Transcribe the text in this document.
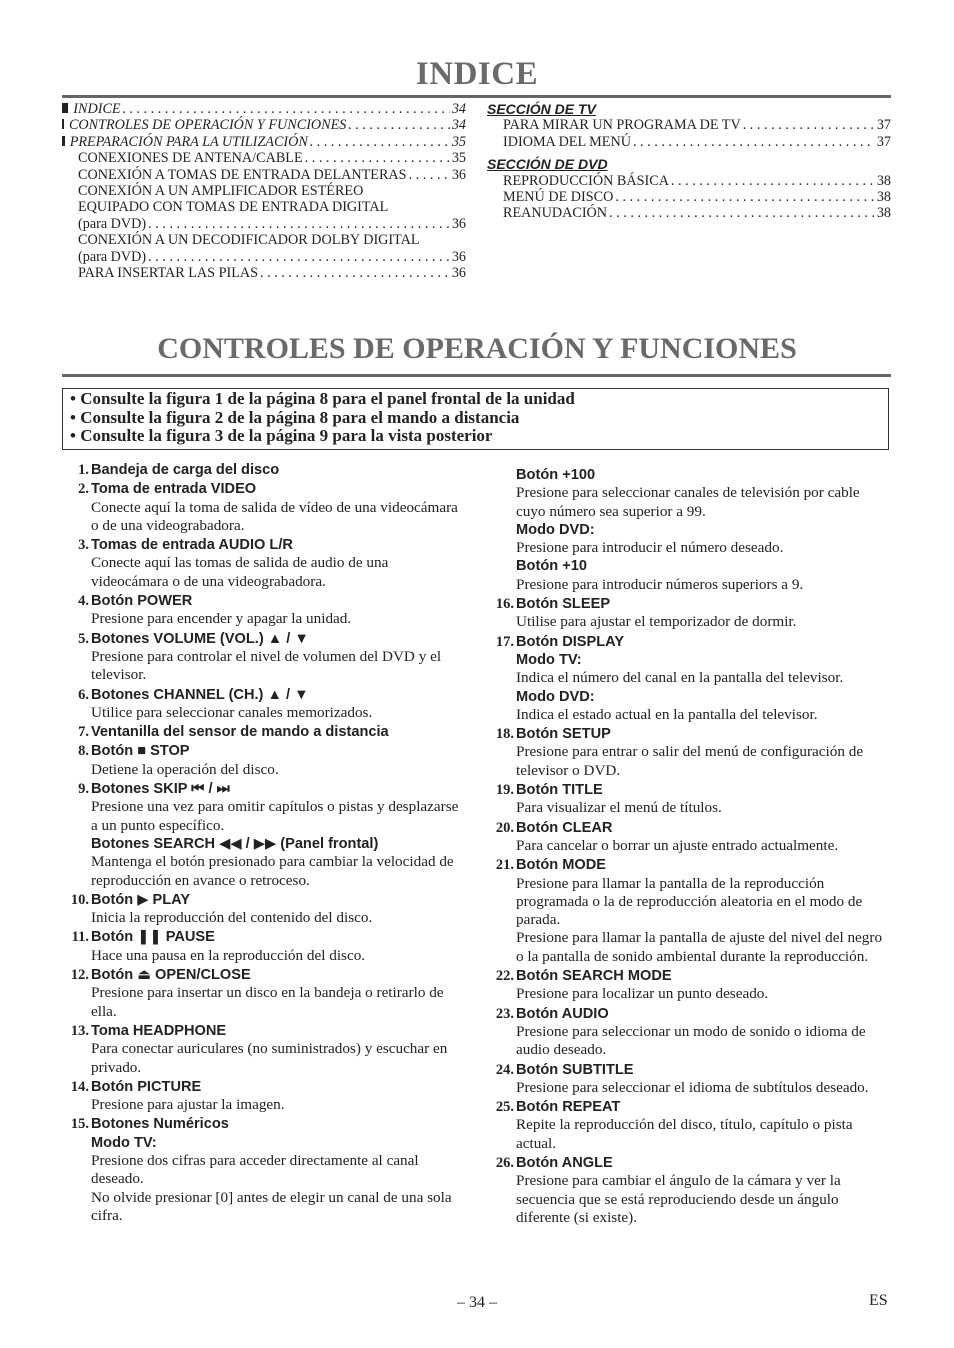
INDICE
INDICE . . .	34
CONTROLES DE OPERACIÓN Y FUNCIONES . . .	34
PREPARACIÓN PARA LA UTILIZACIÓN . . .	35
CONEXIONES DE ANTENA/CABLE . . .	35
CONEXIÓN A TOMAS DE ENTRADA DELANTERAS . . .	36
CONEXIÓN A UN AMPLIFICADOR ESTÉREO
EQUIPADO CON TOMAS DE ENTRADA DIGITAL
(para DVD) . . .	36
CONEXIÓN A UN DECODIFICADOR DOLBY DIGITAL
(para DVD) . . .	36
PARA INSERTAR LAS PILAS . . .	36
SECCIÓN DE TV
PARA MIRAR UN PROGRAMA DE TV . . .	37
IDIOMA DEL MENÚ . . .	37
SECCIÓN DE DVD
REPRODUCCIÓN BÁSICA . . .	38
MENÚ DE DISCO . . .	38
REANUDACIÓN . . .	38
CONTROLES DE OPERACIÓN Y FUNCIONES
• Consulte la figura 1 de la página 8 para el panel frontal de la unidad
• Consulte la figura 2 de la página 8 para el mando a distancia
• Consulte la figura 3 de la página 9 para la vista posterior
1. Bandeja de carga del disco
2. Toma de entrada VIDEO
Conecte aquí la toma de salida de vídeo de una videocámara o de una videograbadora.
3. Tomas de entrada AUDIO L/R
Conecte aquí las tomas de salida de audio de una videocámara o de una videograbadora.
4. Botón POWER
Presione para encender y apagar la unidad.
5. Botones VOLUME (VOL.) ▲ / ▼
Presione para controlar el nivel de volumen del DVD y el televisor.
6. Botones CHANNEL (CH.) ▲ / ▼
Utilice para seleccionar canales memorizados.
7. Ventanilla del sensor de mando a distancia
8. Botón ■ STOP
Detiene la operación del disco.
9. Botones SKIP ⏮ / ⏭
Presione una vez para omitir capítulos o pistas y desplazarse a un punto específico.
Botones SEARCH ◀◀ / ▶▶ (Panel frontal)
Mantenga el botón presionado para cambiar la velocidad de reproducción en avance o retroceso.
10. Botón ▶ PLAY
Inicia la reproducción del contenido del disco.
11. Botón ❚❚ PAUSE
Hace una pausa en la reproducción del disco.
12. Botón ⏏ OPEN/CLOSE
Presione para insertar un disco en la bandeja o retirarlo de ella.
13. Toma HEADPHONE
Para conectar auriculares (no suministrados) y escuchar en privado.
14. Botón PICTURE
Presione para ajustar la imagen.
15. Botones Numéricos
Modo TV:
Presione dos cifras para acceder directamente al canal deseado.
No olvide presionar [0] antes de elegir un canal de una sola cifra.
Botón +100
Presione para seleccionar canales de televisión por cable cuyo número sea superior a 99.
Modo DVD:
Presione para introducir el número deseado.
Botón +10
Presione para introducir números superiors a 9.
16. Botón SLEEP
Utilise para ajustar el temporizador de dormir.
17. Botón DISPLAY
Modo TV:
Indica el número del canal en la pantalla del televisor.
Modo DVD:
Indica el estado actual en la pantalla del televisor.
18. Botón SETUP
Presione para entrar o salir del menú de configuración de televisor o DVD.
19. Botón TITLE
Para visualizar el menú de títulos.
20. Botón CLEAR
Para cancelar o borrar un ajuste entrado actualmente.
21. Botón MODE
Presione para llamar la pantalla de la reproducción programada o la de reproducción aleatoria en el modo de parada.
Presione para llamar la pantalla de ajuste del nivel del negro o la pantalla de sonido ambiental durante la reproducción.
22. Botón SEARCH MODE
Presione para localizar un punto deseado.
23. Botón AUDIO
Presione para seleccionar un modo de sonido o idioma de audio deseado.
24. Botón SUBTITLE
Presione para seleccionar el idioma de subtítulos deseado.
25. Botón REPEAT
Repite la reproducción del disco, título, capítulo o pista actual.
26. Botón ANGLE
Presione para cambiar el ángulo de la cámara y ver la secuencia que se está reproduciendo desde un ángulo diferente (si existe).
– 34 –	ES
